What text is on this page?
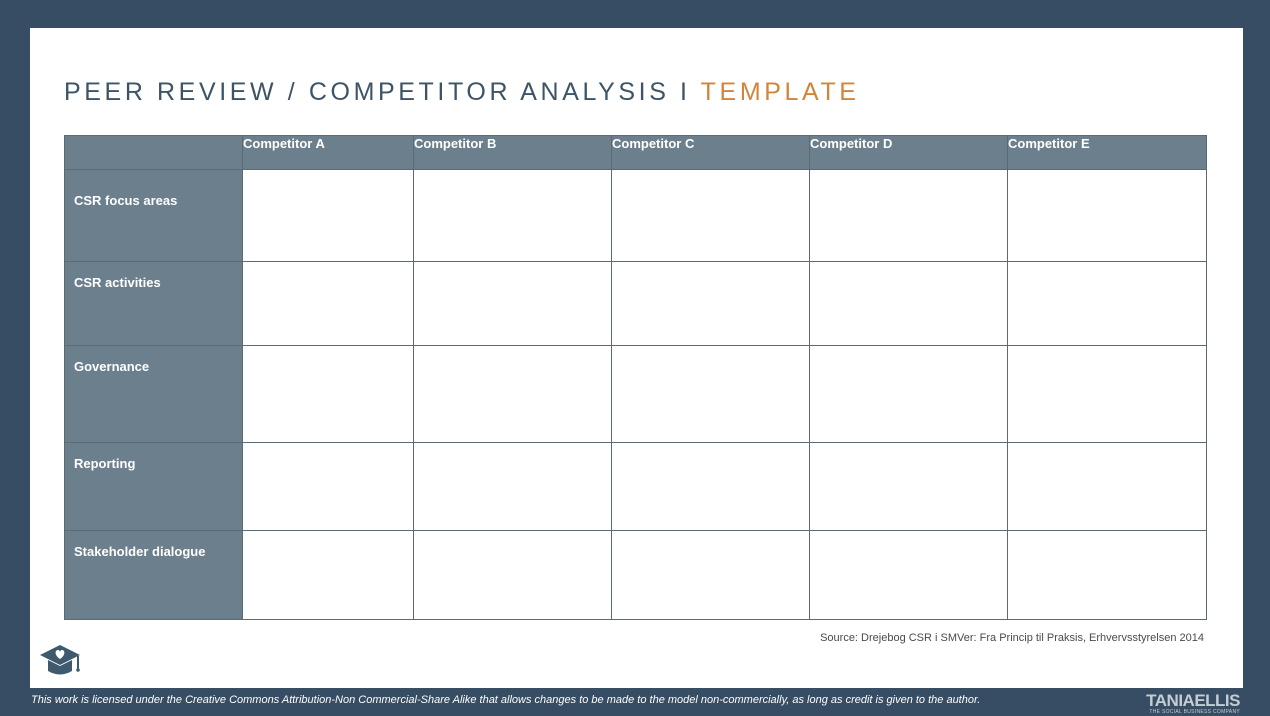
PEER REVIEW / COMPETITOR ANALYSIS I TEMPLATE
	Competitor A	Competitor B	Competitor C	Competitor D	Competitor E
CSR focus areas					
CSR activities					
Governance					
Reporting					
Stakeholder dialogue					
Source: Drejebog CSR i SMVer: Fra Princip til Praksis, Erhvervsstyrelsen 2014
This work is licensed under the Creative Commons Attribution-Non Commercial-Share Alike that allows changes to be made to the model non-commercially, as long as credit is given to the author.	TANIAELLIS
THE SOCIAL BUSINESS COMPANY
